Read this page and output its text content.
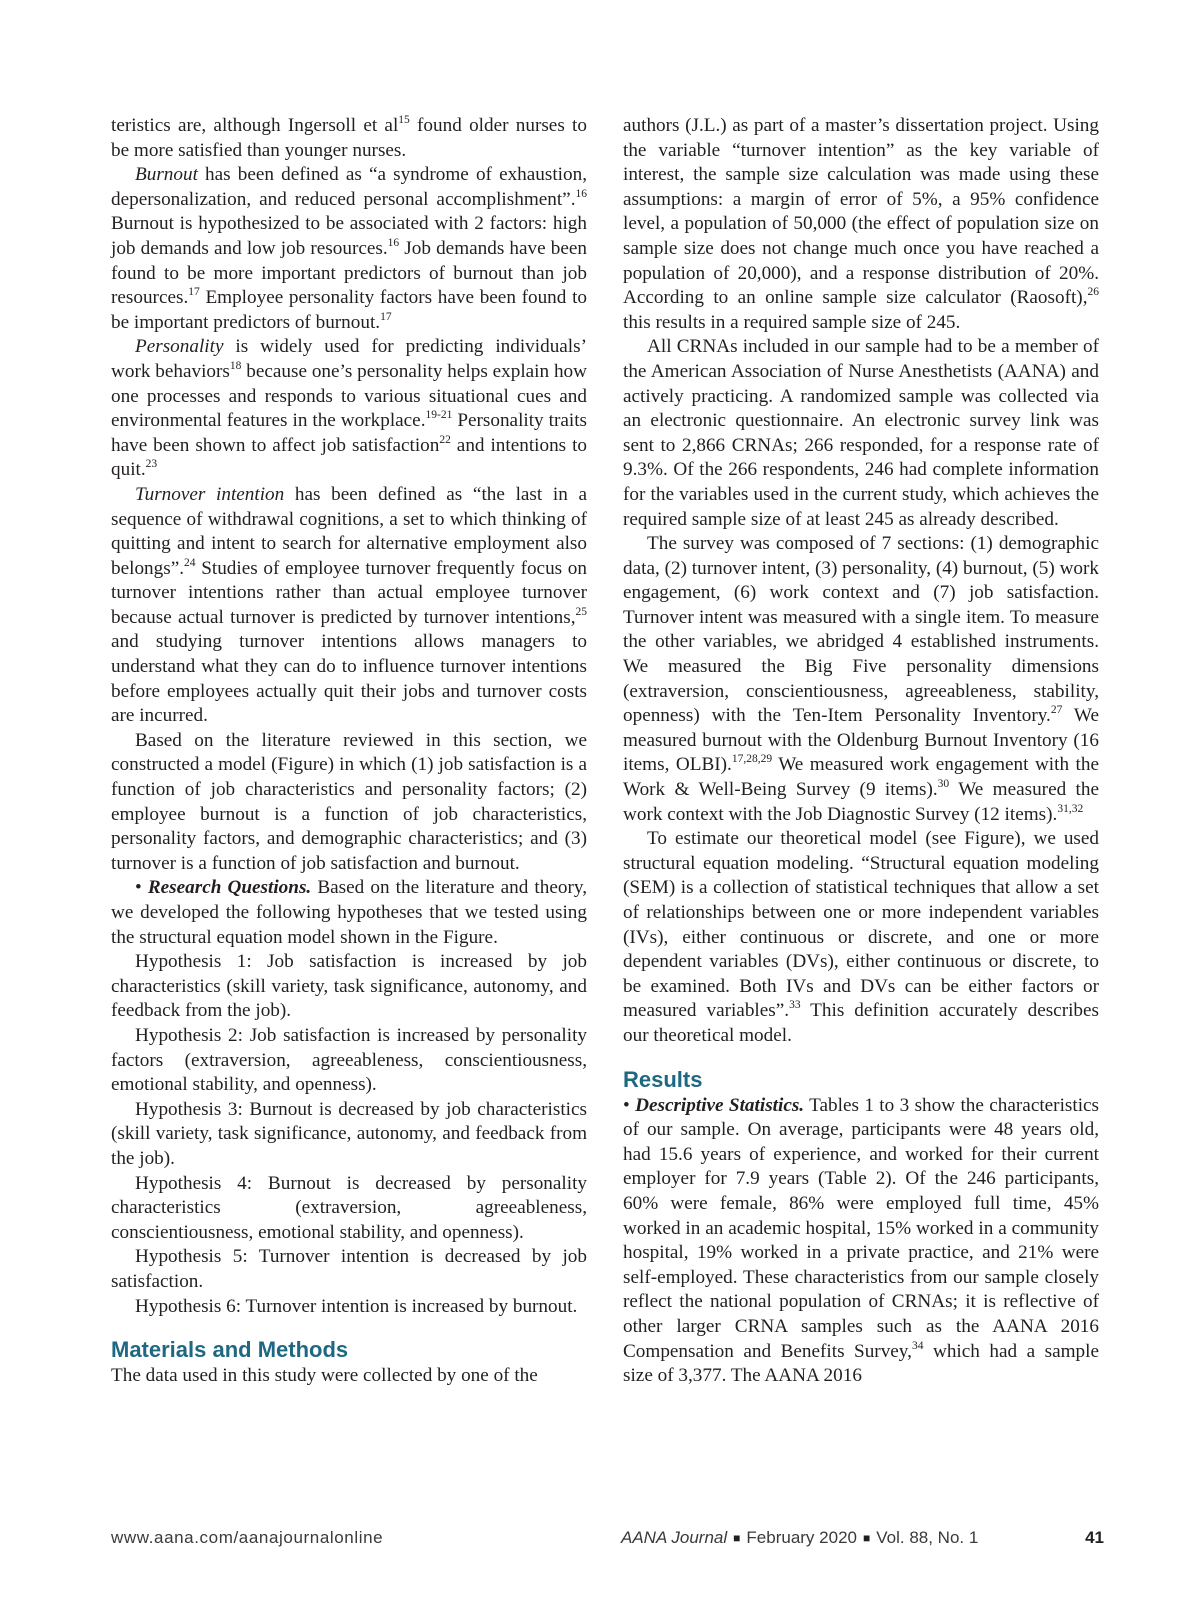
teristics are, although Ingersoll et $al^{15}$ found older nurses to be more satisfied than younger nurses.

Burnout has been defined as “a syndrome of exhaustion, depersonalization, and reduced personal accomplishment”.$^{16}$ Burnout is hypothesized to be associated with 2 factors: high job demands and low job resources.$^{16}$ Job demands have been found to be more important predictors of burnout than job resources.$^{17}$ Employee personality factors have been found to be important predictors of burnout.$^{17}$

Personality is widely used for predicting individuals’ work behaviors$^{18}$ because one’s personality helps explain how one processes and responds to various situational cues and environmental features in the workplace.$^{19-21}$ Personality traits have been shown to affect job satisfaction$^{22}$ and intentions to quit.$^{23}$

Turnover intention has been defined as “the last in a sequence of withdrawal cognitions, a set to which thinking of quitting and intent to search for alternative employment also belongs”.$^{24}$ Studies of employee turnover frequently focus on turnover intentions rather than actual employee turnover because actual turnover is predicted by turnover intentions,$^{25}$ and studying turnover intentions allows managers to understand what they can do to influence turnover intentions before employees actually quit their jobs and turnover costs are incurred.

Based on the literature reviewed in this section, we constructed a model (Figure) in which (1) job satisfaction is a function of job characteristics and personality factors; (2) employee burnout is a function of job characteristics, personality factors, and demographic characteristics; and (3) turnover is a function of job satisfaction and burnout.

• Research Questions. Based on the literature and theory, we developed the following hypotheses that we tested using the structural equation model shown in the Figure.

Hypothesis 1: Job satisfaction is increased by job characteristics (skill variety, task significance, autonomy, and feedback from the job).

Hypothesis 2: Job satisfaction is increased by personality factors (extraversion, agreeableness, conscientiousness, emotional stability, and openness).

Hypothesis 3: Burnout is decreased by job characteristics (skill variety, task significance, autonomy, and feedback from the job).

Hypothesis 4: Burnout is decreased by personality characteristics (extraversion, agreeableness, conscientiousness, emotional stability, and openness).

Hypothesis 5: Turnover intention is decreased by job satisfaction.

Hypothesis 6: Turnover intention is increased by burnout.

Materials and Methods

The data used in this study were collected by one of the

authors (J.L.) as part of a master’s dissertation project. Using the variable “turnover intention” as the key variable of interest, the sample size calculation was made using these assumptions: a margin of error of 5%, a 95% confidence level, a population of 50,000 (the effect of population size on sample size does not change much once you have reached a population of 20,000), and a response distribution of 20%. According to an online sample size calculator (Raosoft),$^{26}$ this results in a required sample size of 245.

All CRNAs included in our sample had to be a member of the American Association of Nurse Anesthetists (AANA) and actively practicing. A randomized sample was collected via an electronic questionnaire. An electronic survey link was sent to 2,866 CRNAs; 266 responded, for a response rate of 9.3%. Of the 266 respondents, 246 had complete information for the variables used in the current study, which achieves the required sample size of at least 245 as already described.

The survey was composed of 7 sections: (1) demographic data, (2) turnover intent, (3) personality, (4) burnout, (5) work engagement, (6) work context and (7) job satisfaction. Turnover intent was measured with a single item. To measure the other variables, we abridged 4 established instruments. We measured the Big Five personality dimensions (extraversion, conscientiousness, agreeableness, stability, openness) with the Ten-Item Personality Inventory.$^{27}$ We measured burnout with the Oldenburg Burnout Inventory (16 items, OLBI).$^{17,28,29}$ We measured work engagement with the Work & Well-Being Survey (9 items).$^{30}$ We measured the work context with the Job Diagnostic Survey (12 items).$^{31,32}$

To estimate our theoretical model (see Figure), we used structural equation modeling. “Structural equation modeling (SEM) is a collection of statistical techniques that allow a set of relationships between one or more independent variables (IVs), either continuous or discrete, and one or more dependent variables (DVs), either continuous or discrete, to be examined. Both IVs and DVs can be either factors or measured variables”.$^{33}$ This definition accurately describes our theoretical model.

Results

• Descriptive Statistics. Tables 1 to 3 show the characteristics of our sample. On average, participants were 48 years old, had 15.6 years of experience, and worked for their current employer for 7.9 years (Table 2). Of the 246 participants, 60% were female, 86% were employed full time, 45% worked in an academic hospital, 15% worked in a community hospital, 19% worked in a private practice, and 21% were self-employed. These characteristics from our sample closely reflect the national population of CRNAs; it is reflective of other larger CRNA samples such as the AANA 2016 Compensation and Benefits Survey,$^{34}$ which had a sample size of 3,377. The AANA 2016

www.aana.com/aanajournalonline	AANA Journal ■ February 2020 ■ Vol. 88, No. 1	41
